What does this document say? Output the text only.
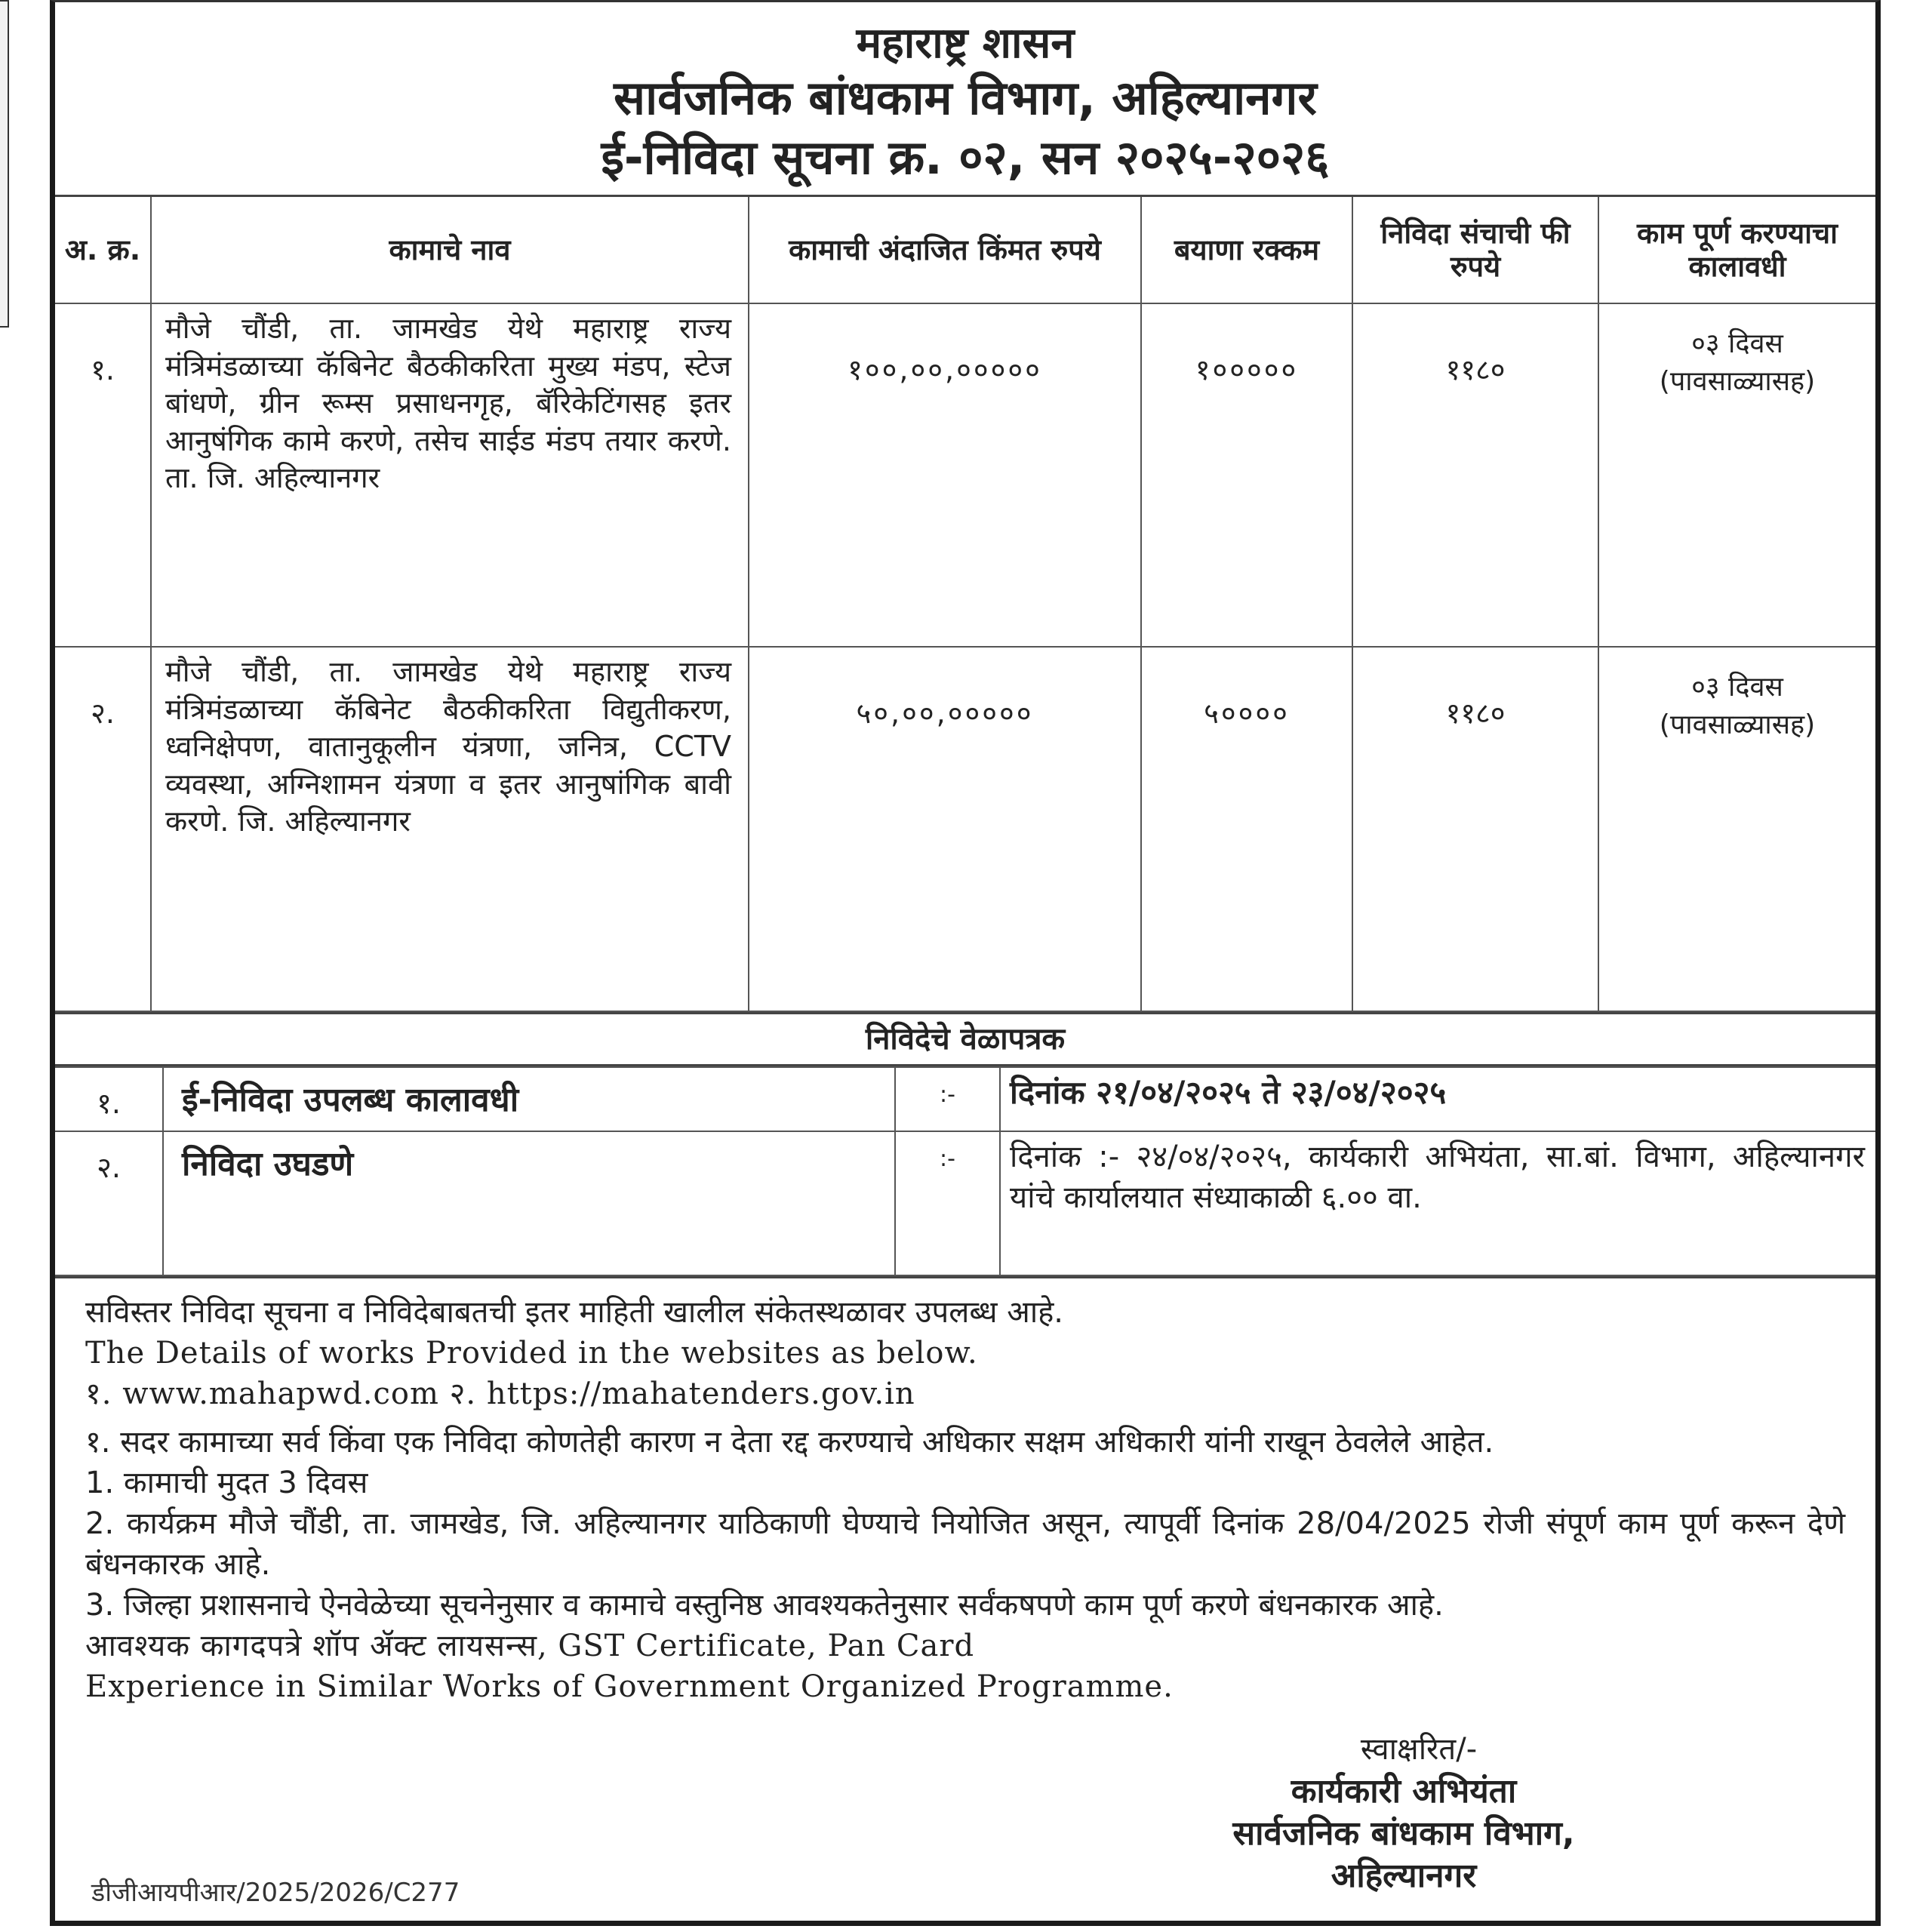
महाराष्ट्र शासन
सार्वजनिक बांधकाम विभाग, अहिल्यानगर
ई-निविदा सूचना क्र. ०२, सन २०२५-२०२६
अ. क्र.	कामाचे नाव	कामाची अंदाजित किंमत रुपये	बयाणा रक्कम	निविदा संचाची फी रुपये	काम पूर्ण करण्याचा कालावधी
१.	मौजे चौंडी, ता. जामखेड येथे महाराष्ट्र राज्य मंत्रिमंडळाच्या कॅबिनेट बैठकीकरिता मुख्य मंडप, स्टेज बांधणे, ग्रीन रूम्स प्रसाधनगृह, बॅरिकेटिंगसह इतर आनुषंगिक कामे करणे, तसेच साईड मंडप तयार करणे. ता. जि. अहिल्यानगर	१००,००,०००००	१०००००	११८०	०३ दिवस
(पावसाळ्यासह)

२.	मौजे चौंडी, ता. जामखेड येथे महाराष्ट्र राज्य मंत्रिमंडळाच्या कॅबिनेट बैठकीकरिता विद्युतीकरण, ध्वनिक्षेपण, वातानुकूलीन यंत्रणा, जनित्र, CCTV व्यवस्था, अग्निशामन यंत्रणा व इतर आनुषांगिक बावी करणे. जि. अहिल्यानगर	५०,००,०००००	५००००	११८०	०३ दिवस
(पावसाळ्यासह)
निविदेचे वेळापत्रक
१.	ई-निविदा उपलब्ध कालावधी	:-	दिनांक २१/०४/२०२५ ते २३/०४/२०२५
२.	निविदा उघडणे	:-	दिनांक :- २४/०४/२०२५, कार्यकारी अभियंता, सा.बां. विभाग, अहिल्यानगर यांचे कार्यालयात संध्याकाळी ६.०० वा.

सविस्तर निविदा सूचना व निविदेबाबतची इतर माहिती खालील संकेतस्थळावर उपलब्ध आहे.

The Details of works Provided in the websites as below.

१. www.mahapwd.com २. https://mahatenders.gov.in

१. सदर कामाच्या सर्व किंवा एक निविदा कोणतेही कारण न देता रद्द करण्याचे अधिकार सक्षम अधिकारी यांनी राखून ठेवलेले आहेत.

1. कामाची मुदत 3 दिवस

2. कार्यक्रम मौजे चौंडी, ता. जामखेड, जि. अहिल्यानगर याठिकाणी घेण्याचे नियोजित असून, त्यापूर्वी दिनांक 28/04/2025 रोजी संपूर्ण काम पूर्ण करून देणे बंधनकारक आहे.

3. जिल्हा प्रशासनाचे ऐनवेळेच्या सूचनेनुसार व कामाचे वस्तुनिष्ठ आवश्यकतेनुसार सर्वंकषपणे काम पूर्ण करणे बंधनकारक आहे.

आवश्यक कागदपत्रे शॉप ॲक्ट लायसन्स, GST Certificate, Pan Card

Experience in Similar Works of Government Organized Programme.

डीजीआयपीआर/2025/2026/C277
स्वाक्षरित/-
कार्यकारी अभियंता
सार्वजनिक बांधकाम विभाग,
अहिल्यानगर
